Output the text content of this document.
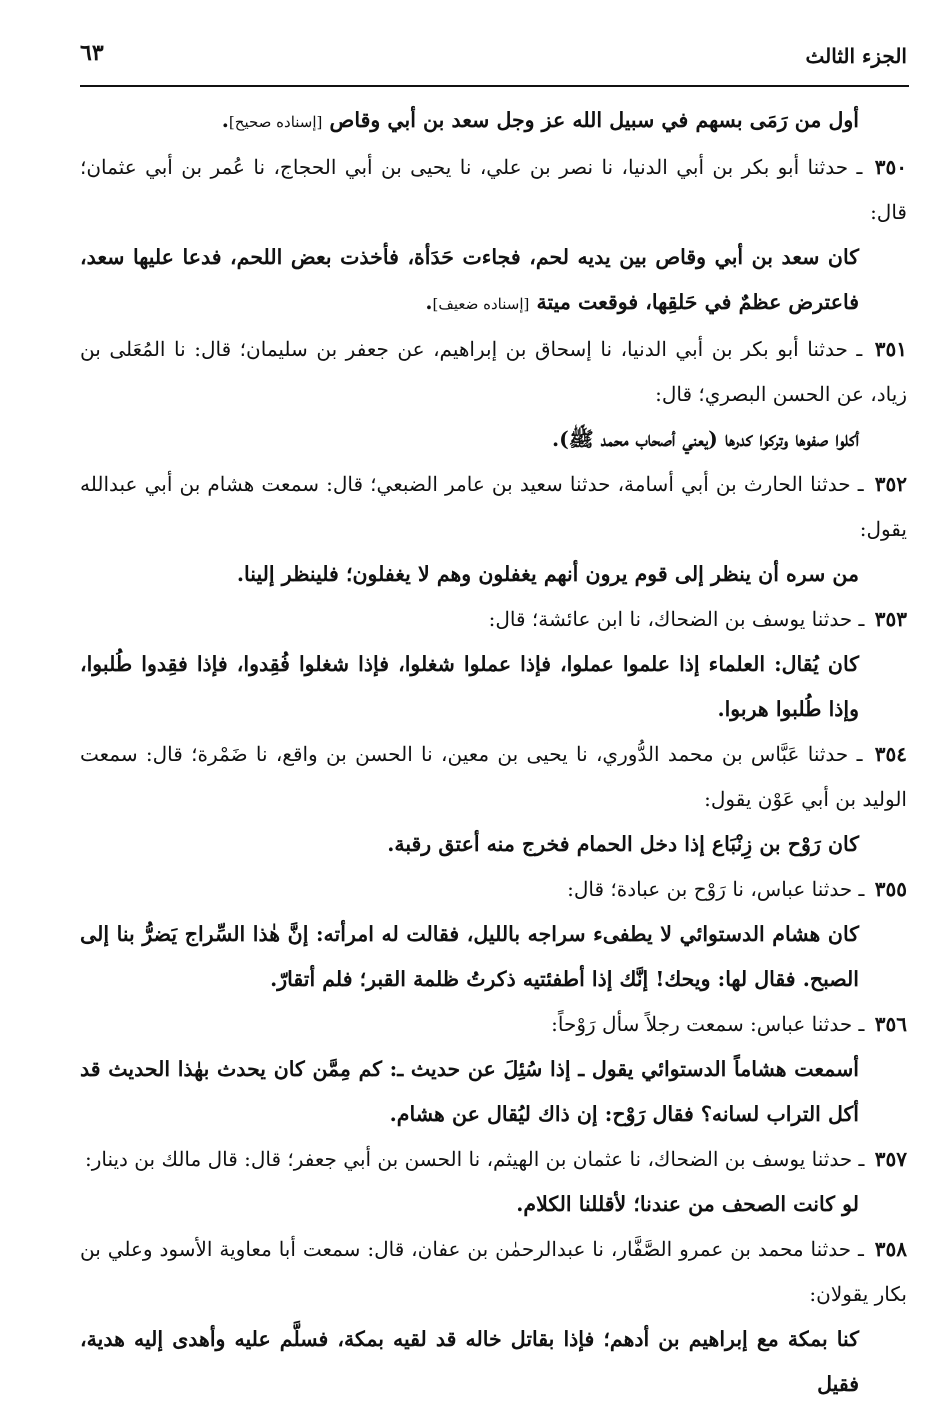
الجزء الثالث
٦٣

أول من رَمَى بسهم في سبيل الله عز وجل سعد بن أبي وقاص [إسناده صحيح].

٣٥٠ ـ حدثنا أبو بكر بن أبي الدنيا، نا نصر بن علي، نا يحيى بن أبي الحجاج، نا عُمر بن أبي عثمان؛ قال:

كان سعد بن أبي وقاص بين يديه لحم، فجاءت حَدَأة، فأخذت بعض اللحم، فدعا عليها سعد، فاعترض عظمٌ في حَلقِها، فوقعت ميتة [إسناده ضعيف].

٣٥١ ـ حدثنا أبو بكر بن أبي الدنيا، نا إسحاق بن إبراهيم، عن جعفر بن سليمان؛ قال: نا المُعَلى بن زياد، عن الحسن البصري؛ قال:

أكلوا صفوها وتركوا كدرها (يعني أصحاب محمد ﷺ).

٣٥٢ ـ حدثنا الحارث بن أبي أسامة، حدثنا سعيد بن عامر الضبعي؛ قال: سمعت هشام بن أبي عبدالله يقول:

من سره أن ينظر إلى قوم يرون أنهم يغفلون وهم لا يغفلون؛ فلينظر إلينا.

٣٥٣ ـ حدثنا يوسف بن الضحاك، نا ابن عائشة؛ قال:

كان يُقال: العلماء إذا علموا عملوا، فإذا عملوا شغلوا، فإذا شغلوا فُقِدوا، فإذا فقِدوا طُلبوا، وإذا طُلبوا هربوا.

٣٥٤ ـ حدثنا عَبَّاس بن محمد الدُّوري، نا يحيى بن معين، نا الحسن بن واقع، نا ضَمْرة؛ قال: سمعت الوليد بن أبي عَوْن يقول:

كان رَوْح بن زِنْبَاع إذا دخل الحمام فخرج منه أعتق رقبة.

٣٥٥ ـ حدثنا عباس، نا رَوْح بن عبادة؛ قال:

كان هشام الدستوائي لا يطفىء سراجه بالليل، فقالت له امرأته: إنَّ هٰذا السِّراج يَضرُّ بنا إلى الصبح. فقال لها: ويحك! إنَّك إذا أطفئتيه ذكرتُ ظلمة القبر؛ فلم أتقارّ.

٣٥٦ ـ حدثنا عباس: سمعت رجلاً سأل رَوْحاً:

أسمعت هشاماً الدستوائي يقول ـ إذا سُئِلَ عن حديث ـ: كم مِمَّن كان يحدث بهٰذا الحديث قد أكل التراب لسانه؟ فقال رَوْح: إن ذاك ليُقال عن هشام.

٣٥٧ ـ حدثنا يوسف بن الضحاك، نا عثمان بن الهيثم، نا الحسن بن أبي جعفر؛ قال: قال مالك بن دينار:

لو كانت الصحف من عندنا؛ لأقللنا الكلام.

٣٥٨ ـ حدثنا محمد بن عمرو الصَّفَّار، نا عبدالرحمٰن بن عفان، قال: سمعت أبا معاوية الأسود وعلي بن بكار يقولان:

كنا بمكة مع إبراهيم بن أدهم؛ فإذا بقاتل خاله قد لقيه بمكة، فسلَّم عليه وأهدى إليه هدية، فقيل
